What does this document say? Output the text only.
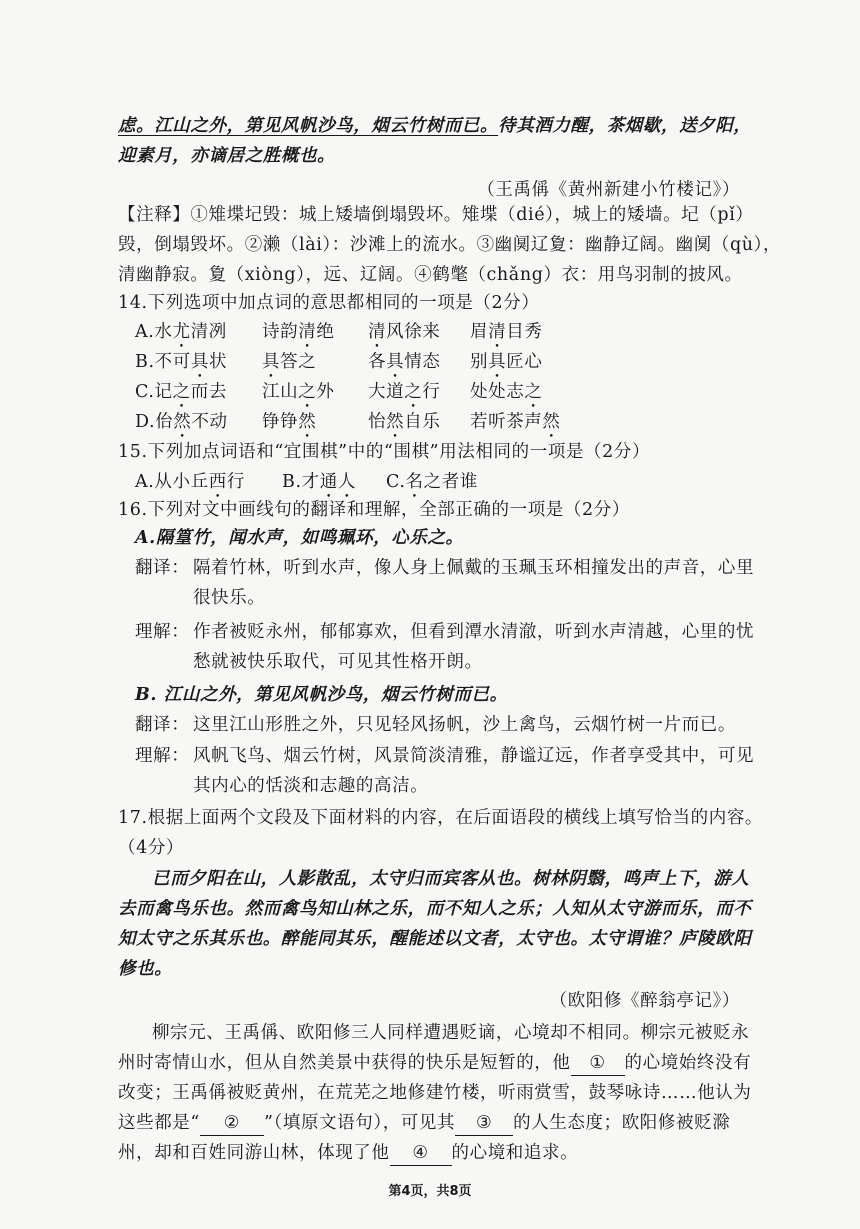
虑。江山之外，第见风帆沙鸟，烟云竹树而已。待其酒力醒，茶烟歇，送夕阳，
迎素月，亦谪居之胜概也。
（王禹偁《黄州新建小竹楼记》）
【注释】①雉堞圮毁：城上矮墙倒塌毁坏。雉堞（dié），城上的矮墙。圮（pǐ）
毁，倒塌毁坏。②濑（lài）：沙滩上的流水。③幽阒辽夐：幽静辽阔。幽阒（qù），
清幽静寂。夐（xiòng），远、辽阔。④鹤氅（chǎng）衣：用鸟羽制的披风。
14.下列选项中加点词的意思都相同的一项是（2分）
A.水尤清冽 诗韵清绝 清风徐来 眉清目秀
B.不可具状 具答之	各具情态 别具匠心
C.记之而去 江山之外 大道之行 处处志之
D.佁然不动 铮铮然	怡然自乐 若听茶声然
15.下列加点词语和“宜围棋”中的“围棋”用法相同的一项是（2分）
A.从小丘西行 B.才通人 C.名之者谁
16.下列对文中画线句的翻译和理解，全部正确的一项是（2分）
A.隔篁竹，闻水声，如鸣珮环，心乐之。
翻译： 隔着竹林，听到水声，像人身上佩戴的玉珮玉环相撞发出的声音，心里
很快乐。
理解： 作者被贬永州，郁郁寡欢，但看到潭水清澈，听到水声清越，心里的忧
愁就被快乐取代，可见其性格开朗。
B. 江山之外，第见风帆沙鸟，烟云竹树而已。
翻译： 这里江山形胜之外，只见轻风扬帆，沙上禽鸟，云烟竹树一片而已。
理解： 风帆飞鸟、烟云竹树，风景简淡清雅，静谧辽远，作者享受其中，可见
其内心的恬淡和志趣的高洁。
17.根据上面两个文段及下面材料的内容，在后面语段的横线上填写恰当的内容。
（4分）
已而夕阳在山，人影散乱，太守归而宾客从也。树林阴翳，鸣声上下，游人
去而禽鸟乐也。然而禽鸟知山林之乐，而不知人之乐；人知从太守游而乐，而不
知太守之乐其乐也。醉能同其乐，醒能述以文者，太守也。太守谓谁？庐陵欧阳
修也。
（欧阳修《醉翁亭记》）
柳宗元、王禹偁、欧阳修三人同样遭遇贬谪，心境却不相同。柳宗元被贬永
州时寄情山水，但从自然美景中获得的快乐是短暂的，他 ① 的心境始终没有
改变；王禹偁被贬黄州，在荒芜之地修建竹楼，听雨赏雪，鼓琴咏诗……他认为
这些都是“ ② ”（填原文语句），可见其 ③ 的人生态度；欧阳修被贬滁
州，却和百姓同游山林，体现了他 ④ 的心境和追求。
第4页，共8页
